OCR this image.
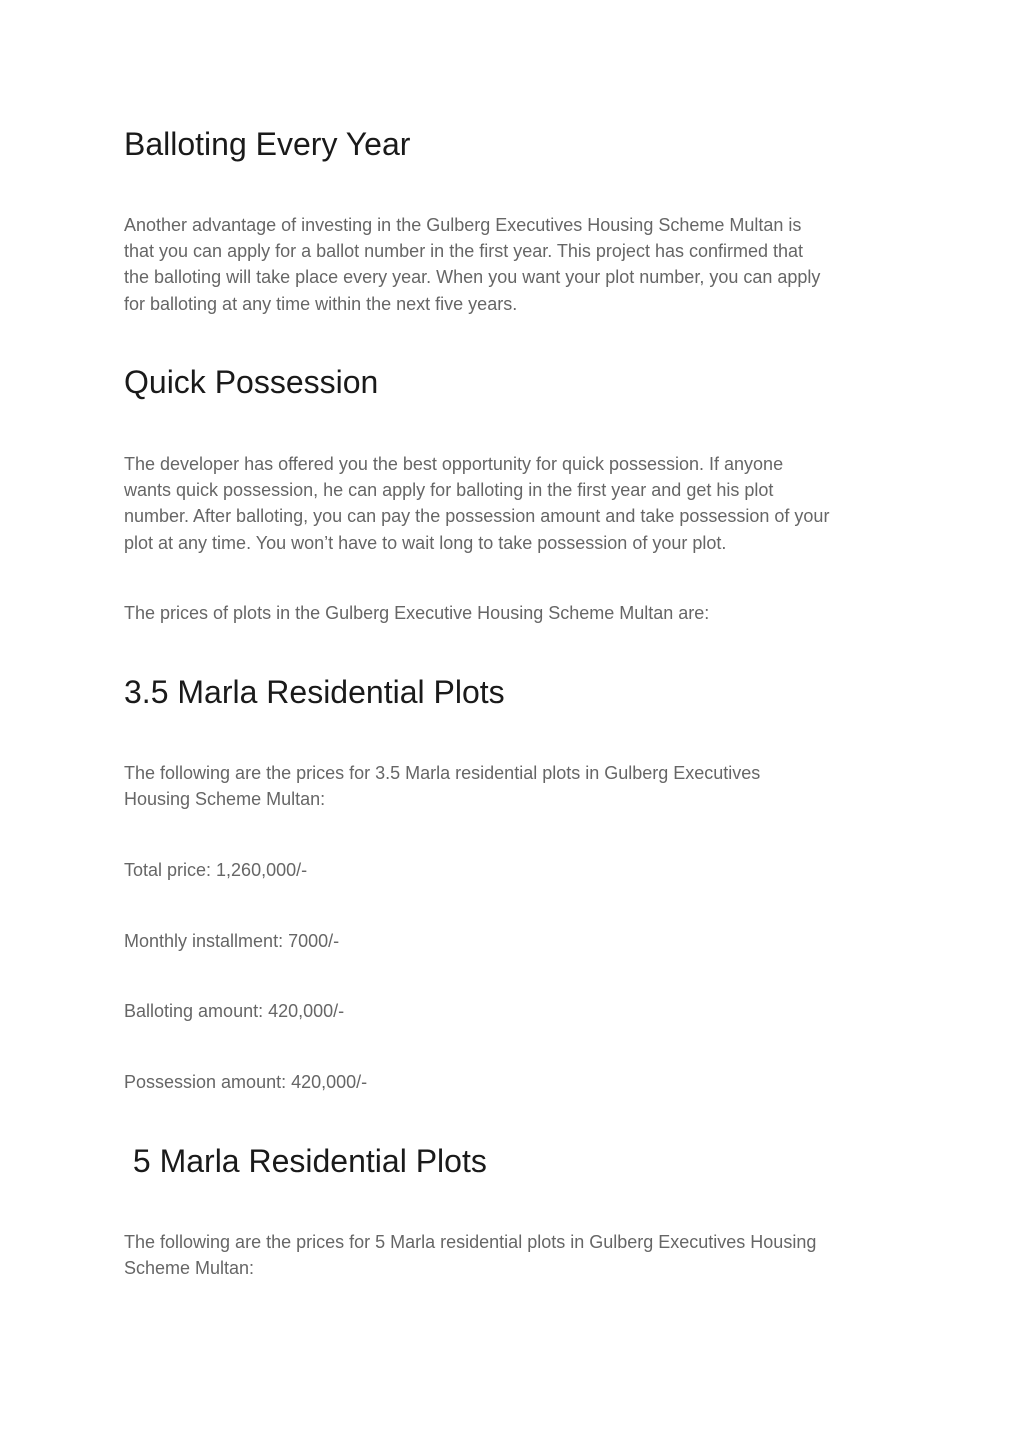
Balloting Every Year

Another advantage of investing in the Gulberg Executives Housing Scheme Multan is
that you can apply for a ballot number in the first year. This project has confirmed that
the balloting will take place every year. When you want your plot number, you can apply
for balloting at any time within the next five years.

Quick Possession

The developer has offered you the best opportunity for quick possession. If anyone
wants quick possession, he can apply for balloting in the first year and get his plot
number. After balloting, you can pay the possession amount and take possession of your
plot at any time. You won’t have to wait long to take possession of your plot.

The prices of plots in the Gulberg Executive Housing Scheme Multan are:

3.5 Marla Residential Plots

The following are the prices for 3.5 Marla residential plots in Gulberg Executives
Housing Scheme Multan:

Total price: 1,260,000/-

Monthly installment: 7000/-

Balloting amount: 420,000/-

Possession amount: 420,000/-

5 Marla Residential Plots

The following are the prices for 5 Marla residential plots in Gulberg Executives Housing
Scheme Multan:
